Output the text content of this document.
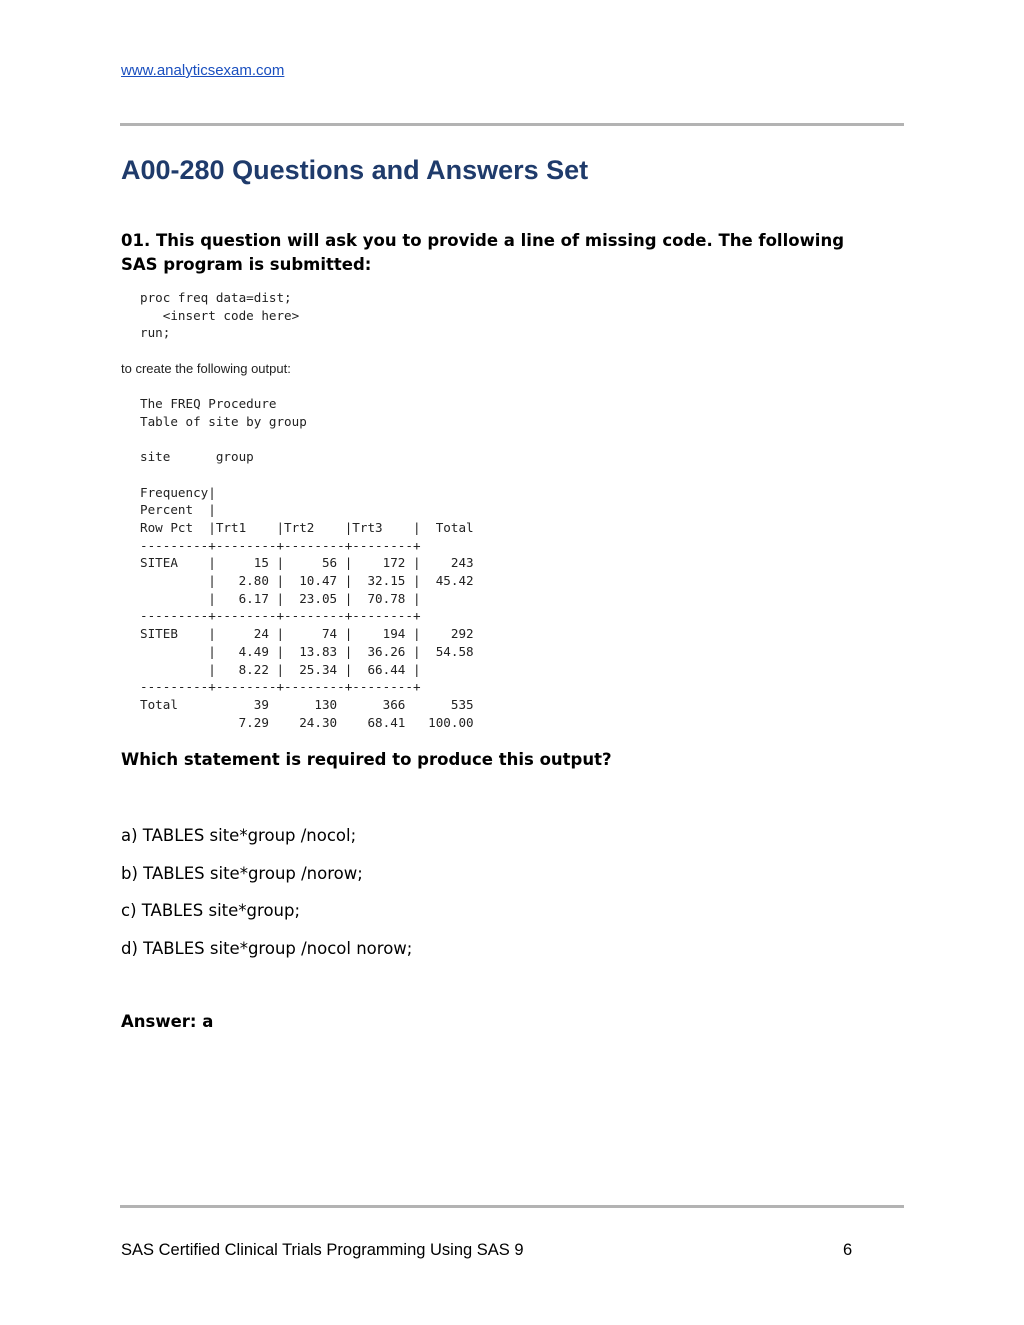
www.analyticsexam.com
A00-280 Questions and Answers Set

01. This question will ask you to provide a line of missing code. The following SAS program is submitted:

proc freq data=dist;
<insert code here>
run;

to create the following output:

The FREQ Procedure
Table of site by group

site      group

Frequency|
Percent  |
Row Pct  |Trt1    |Trt2    |Trt3    |  Total
---------+--------+--------+--------+
SITEA    |     15 |     56 |    172 |    243
|   2.80 |  10.47 |  32.15 |  45.42
|   6.17 |  23.05 |  70.78 |
---------+--------+--------+--------+
SITEB    |     24 |     74 |    194 |    292
|   4.49 |  13.83 |  36.26 |  54.58
|   8.22 |  25.34 |  66.44 |
---------+--------+--------+--------+
Total          39      130      366      535
7.29    24.30    68.41   100.00

Which statement is required to produce this output?

a) TABLES site*group /nocol;
b) TABLES site*group /norow;
c) TABLES site*group;
d) TABLES site*group /nocol norow;

Answer: a

SAS Certified Clinical Trials Programming Using SAS 9	6
